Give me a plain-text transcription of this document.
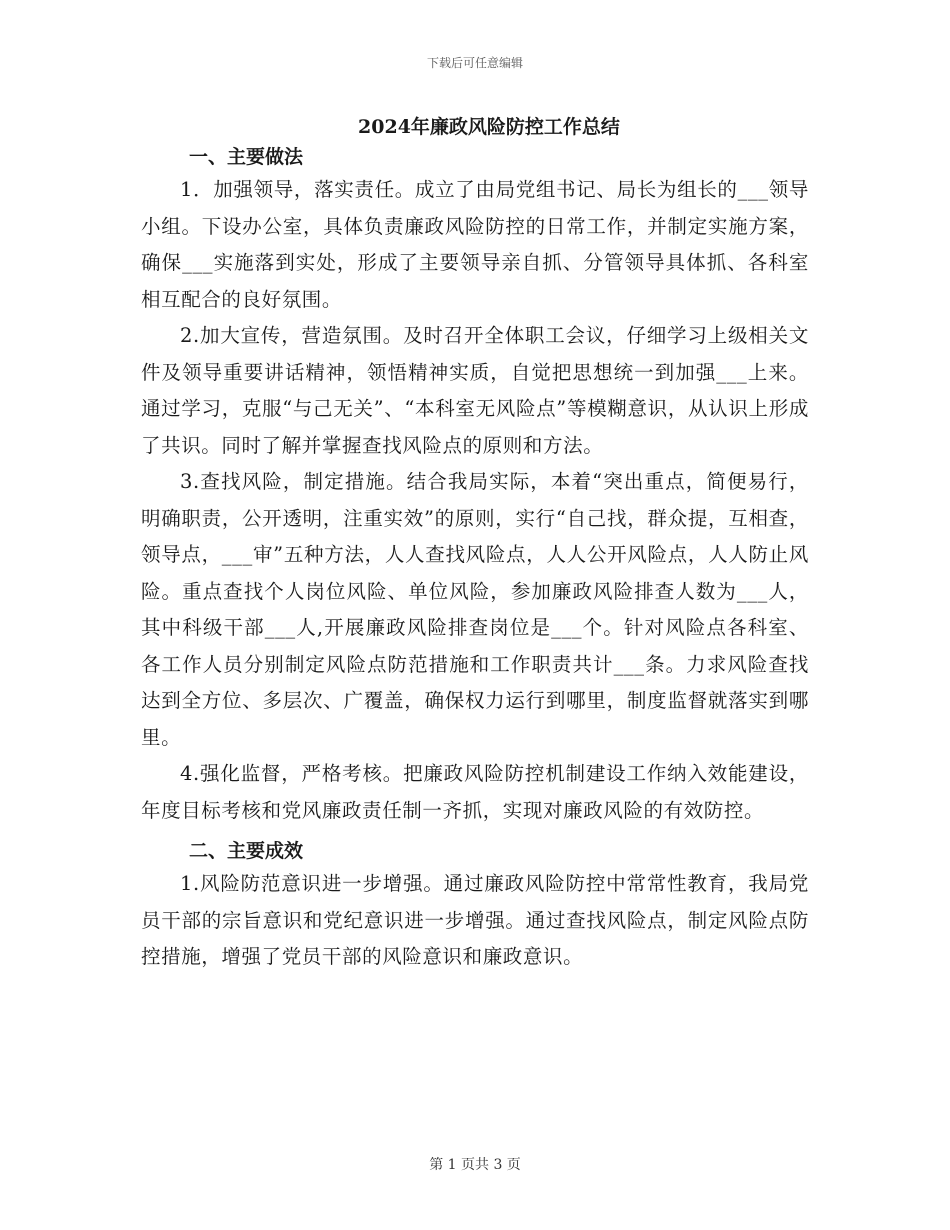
下载后可任意编辑
2024年廉政风险防控工作总结
一、主要做法

1．加强领导，落实责任。成立了由局党组书记、局长为组长的___领导小组。下设办公室，具体负责廉政风险防控的日常工作，并制定实施方案，确保___实施落到实处，形成了主要领导亲自抓、分管领导具体抓、各科室相互配合的良好氛围。

2.加大宣传，营造氛围。及时召开全体职工会议，仔细学习上级相关文件及领导重要讲话精神，领悟精神实质，自觉把思想统一到加强___上来。通过学习，克服“与己无关”、“本科室无风险点”等模糊意识，从认识上形成了共识。同时了解并掌握查找风险点的原则和方法。

3.查找风险，制定措施。结合我局实际，本着“突出重点，简便易行，明确职责，公开透明，注重实效”的原则，实行“自己找，群众提，互相查，领导点，___审”五种方法，人人查找风险点，人人公开风险点，人人防止风险。重点查找个人岗位风险、单位风险，参加廉政风险排查人数为___人，其中科级干部___人,开展廉政风险排查岗位是___个。针对风险点各科室、各工作人员分别制定风险点防范措施和工作职责共计___条。力求风险查找达到全方位、多层次、广覆盖，确保权力运行到哪里，制度监督就落实到哪里。

4.强化监督，严格考核。把廉政风险防控机制建设工作纳入效能建设，年度目标考核和党风廉政责任制一齐抓，实现对廉政风险的有效防控。

二、主要成效

1.风险防范意识进一步增强。通过廉政风险防控中常常性教育，我局党员干部的宗旨意识和党纪意识进一步增强。通过查找风险点，制定风险点防控措施，增强了党员干部的风险意识和廉政意识。

第 1 页共 3 页
